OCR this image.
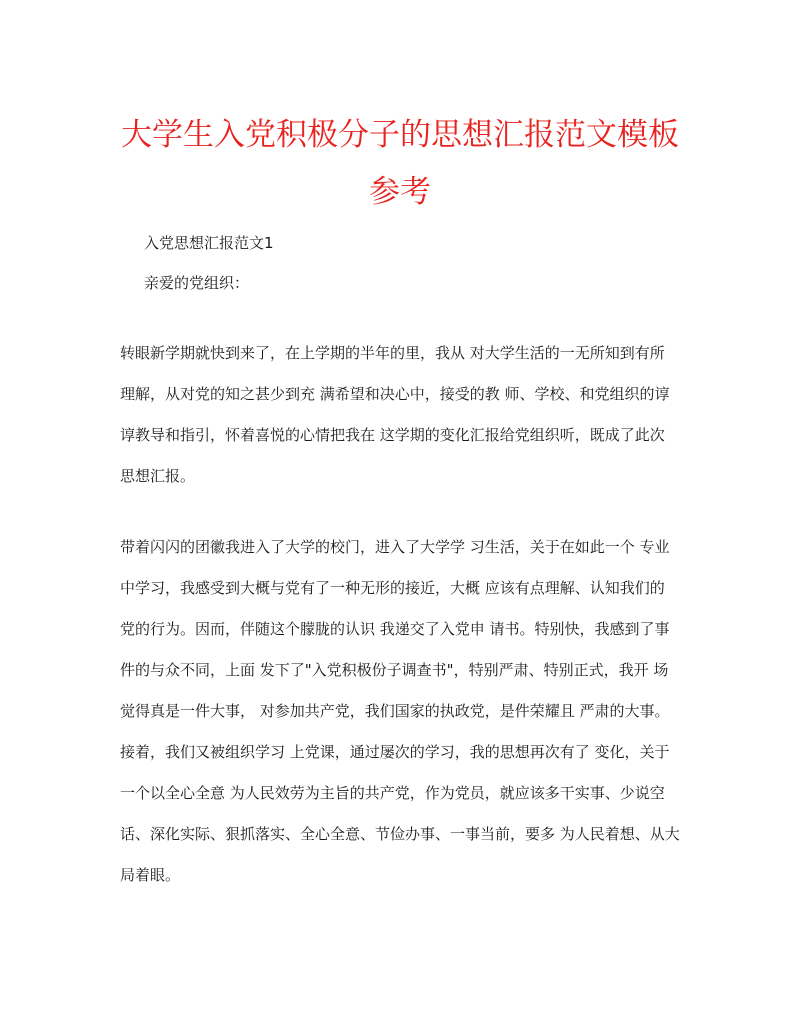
大学生入党积极分子的思想汇报范文模板
参考

入党思想汇报范文1

亲爱的党组织：

转眼新学期就快到来了，在上学期的半年的里，我从 对大学生活的一无所知到有所
理解，从对党的知之甚少到充 满希望和决心中，接受的教 师、学校、和党组织的谆
谆教导和指引，怀着喜悦的心情把我在 这学期的变化汇报给党组织听，既成了此次
思想汇报。
带着闪闪的团徽我进入了大学的校门，进入了大学学 习生活，关于在如此一个 专业
中学习，我感受到大概与党有了一种无形的接近，大概 应该有点理解、认知我们的
党的行为。因而，伴随这个朦胧的认识 我递交了入党申 请书。特别快，我感到了事
件的与众不同，上面 发下了"入党积极份子调查书"，特别严肃、特别正式，我开 场
觉得真是一件大事， 对参加共产党，我们国家的执政党，是件荣耀且 严肃的大事。
接着，我们又被组织学习 上党课，通过屡次的学习，我的思想再次有了 变化，关于
一个以全心全意 为人民效劳为主旨的共产党，作为党员，就应该多干实事、少说空
话、深化实际、狠抓落实、全心全意、节俭办事、一事当前，要多 为人民着想、从大
局着眼。
